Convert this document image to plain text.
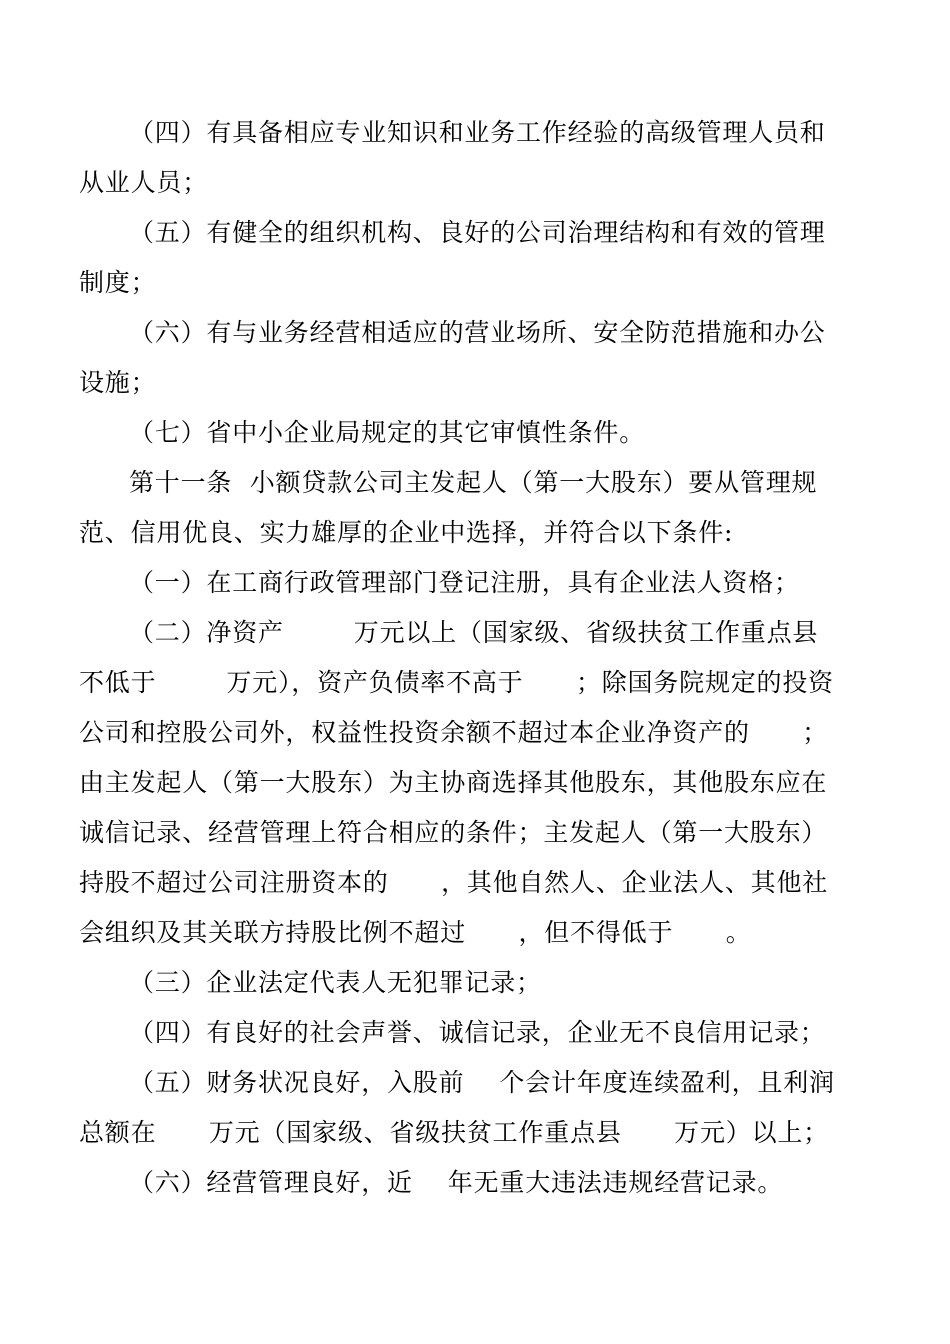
（四）有具备相应专业知识和业务工作经验的高级管理人员和
从业人员；
（五）有健全的组织机构、良好的公司治理结构和有效的管理
制度；
（六）有与业务经营相适应的营业场所、安全防范措施和办公
设施；
（七）省中小企业局规定的其它审慎性条件。
第十一条  小额贷款公司主发起人（第一大股东）要从管理规
范、信用优良、实力雄厚的企业中选择，并符合以下条件:
（一）在工商行政管理部门登记注册，具有企业法人资格；
（二）净资产        万元以上（国家级、省级扶贫工作重点县
不低于        万元），资产负债率不高于      ；除国务院规定的投资
公司和控股公司外，权益性投资余额不超过本企业净资产的      ；
由主发起人（第一大股东）为主协商选择其他股东，其他股东应在
诚信记录、经营管理上符合相应的条件；主发起人（第一大股东）
持股不超过公司注册资本的      ，其他自然人、企业法人、其他社
会组织及其关联方持股比例不超过      ，但不得低于      。
（三）企业法定代表人无犯罪记录；
（四）有良好的社会声誉、诚信记录，企业无不良信用记录；
（五）财务状况良好，入股前    个会计年度连续盈利，且利润
总额在      万元（国家级、省级扶贫工作重点县      万元）以上；
（六）经营管理良好，近    年无重大违法违规经营记录。
